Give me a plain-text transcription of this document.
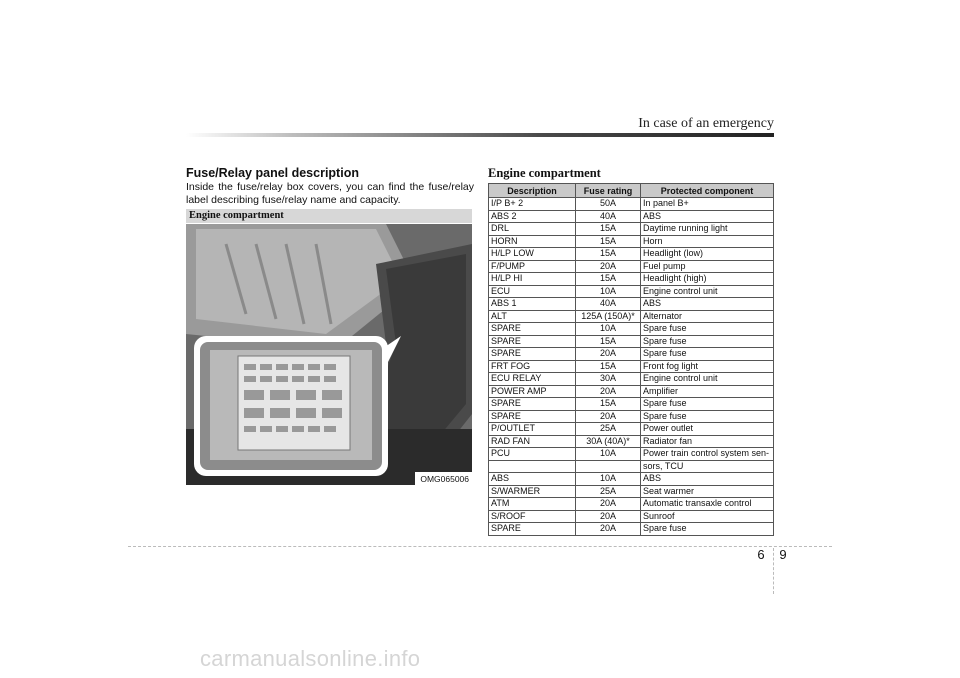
In case of an emergency
Fuse/Relay panel description
Inside the fuse/relay box covers, you can find the fuse/relay label describing fuse/relay name and capacity.
Engine compartment
OMG065006
Engine compartment
Description	Fuse rating	Protected component
I/P B+ 2	50A	In panel B+
ABS 2	40A	ABS
DRL	15A	Daytime running light
HORN	15A	Horn
H/LP LOW	15A	Headlight (low)
F/PUMP	20A	Fuel pump
H/LP HI	15A	Headlight (high)
ECU	10A	Engine control unit
ABS 1	40A	ABS
ALT	125A (150A)*	Alternator
SPARE	10A	Spare fuse
SPARE	15A	Spare fuse
SPARE	20A	Spare fuse
FRT FOG	15A	Front fog light
ECU RELAY	30A	Engine control unit
POWER AMP	20A	Amplifier
SPARE	15A	Spare fuse
SPARE	20A	Spare fuse
P/OUTLET	25A	Power outlet
RAD FAN	30A (40A)*	Radiator fan
PCU	10A	Power train control system sen-
		sors, TCU
ABS	10A	ABS
S/WARMER	25A	Seat warmer
ATM	20A	Automatic transaxle control
S/ROOF	20A	Sunroof
SPARE	20A	Spare fuse
6 9
carmanualsonline.info
